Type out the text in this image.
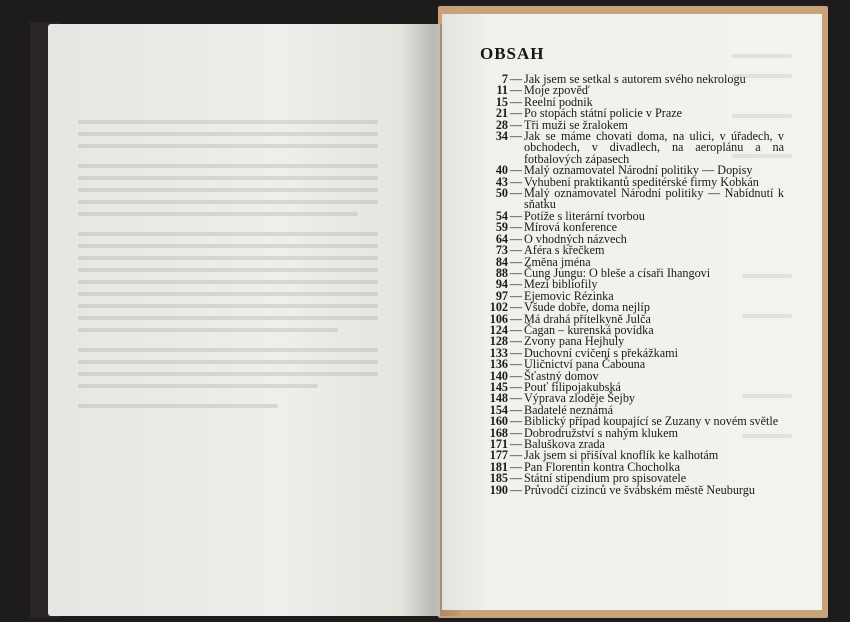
OBSAH
7 — Jak jsem se setkal s autorem svého nekrologu
11 — Moje zpověď
15 — Reelní podnik
21 — Po stopách státní policie v Praze
28 — Tři muži se žralokem
34 — Jak se máme chovati doma, na ulici, v úřadech, v obchodech, v divadlech, na aeroplánu a na fotbalových zápasech
40 — Malý oznamovatel Národní politiky — Dopisy
43 — Vyhubení praktikantů speditérské firmy Kobkán
50 — Malý oznamovatel Národní politiky — Nabídnutí k sňatku
54 — Potíže s literární tvorbou
59 — Mírová konference
64 — O vhodných názvech
73 — Aféra s křečkem
84 — Změna jména
88 — Čung Jungu: O bleše a císaři Ihangovi
94 — Mezi bibliofily
97 — Ejemovic Rézinka
102 — Všude dobře, doma nejlíp
106 — Má drahá přítelkyně Julča
124 — Čagan – kurenská povídka
128 — Zvony pana Hejhuly
133 — Duchovní cvičení s překážkami
136 — Uličnictví pana Čabouna
140 — Šťastný domov
145 — Pouť filipojakubská
148 — Výprava zloděje Šejby
154 — Badatelé neznámá
160 — Biblický případ koupající se Zuzany v novém světle
168 — Dobrodružství s nahým klukem
171 — Baluškova zrada
177 — Jak jsem si přišíval knoflík ke kalhotám
181 — Pan Florentin kontra Chocholka
185 — Státní stipendium pro spisovatele
190 — Průvodčí cizinců ve švábském městě Neuburgu
